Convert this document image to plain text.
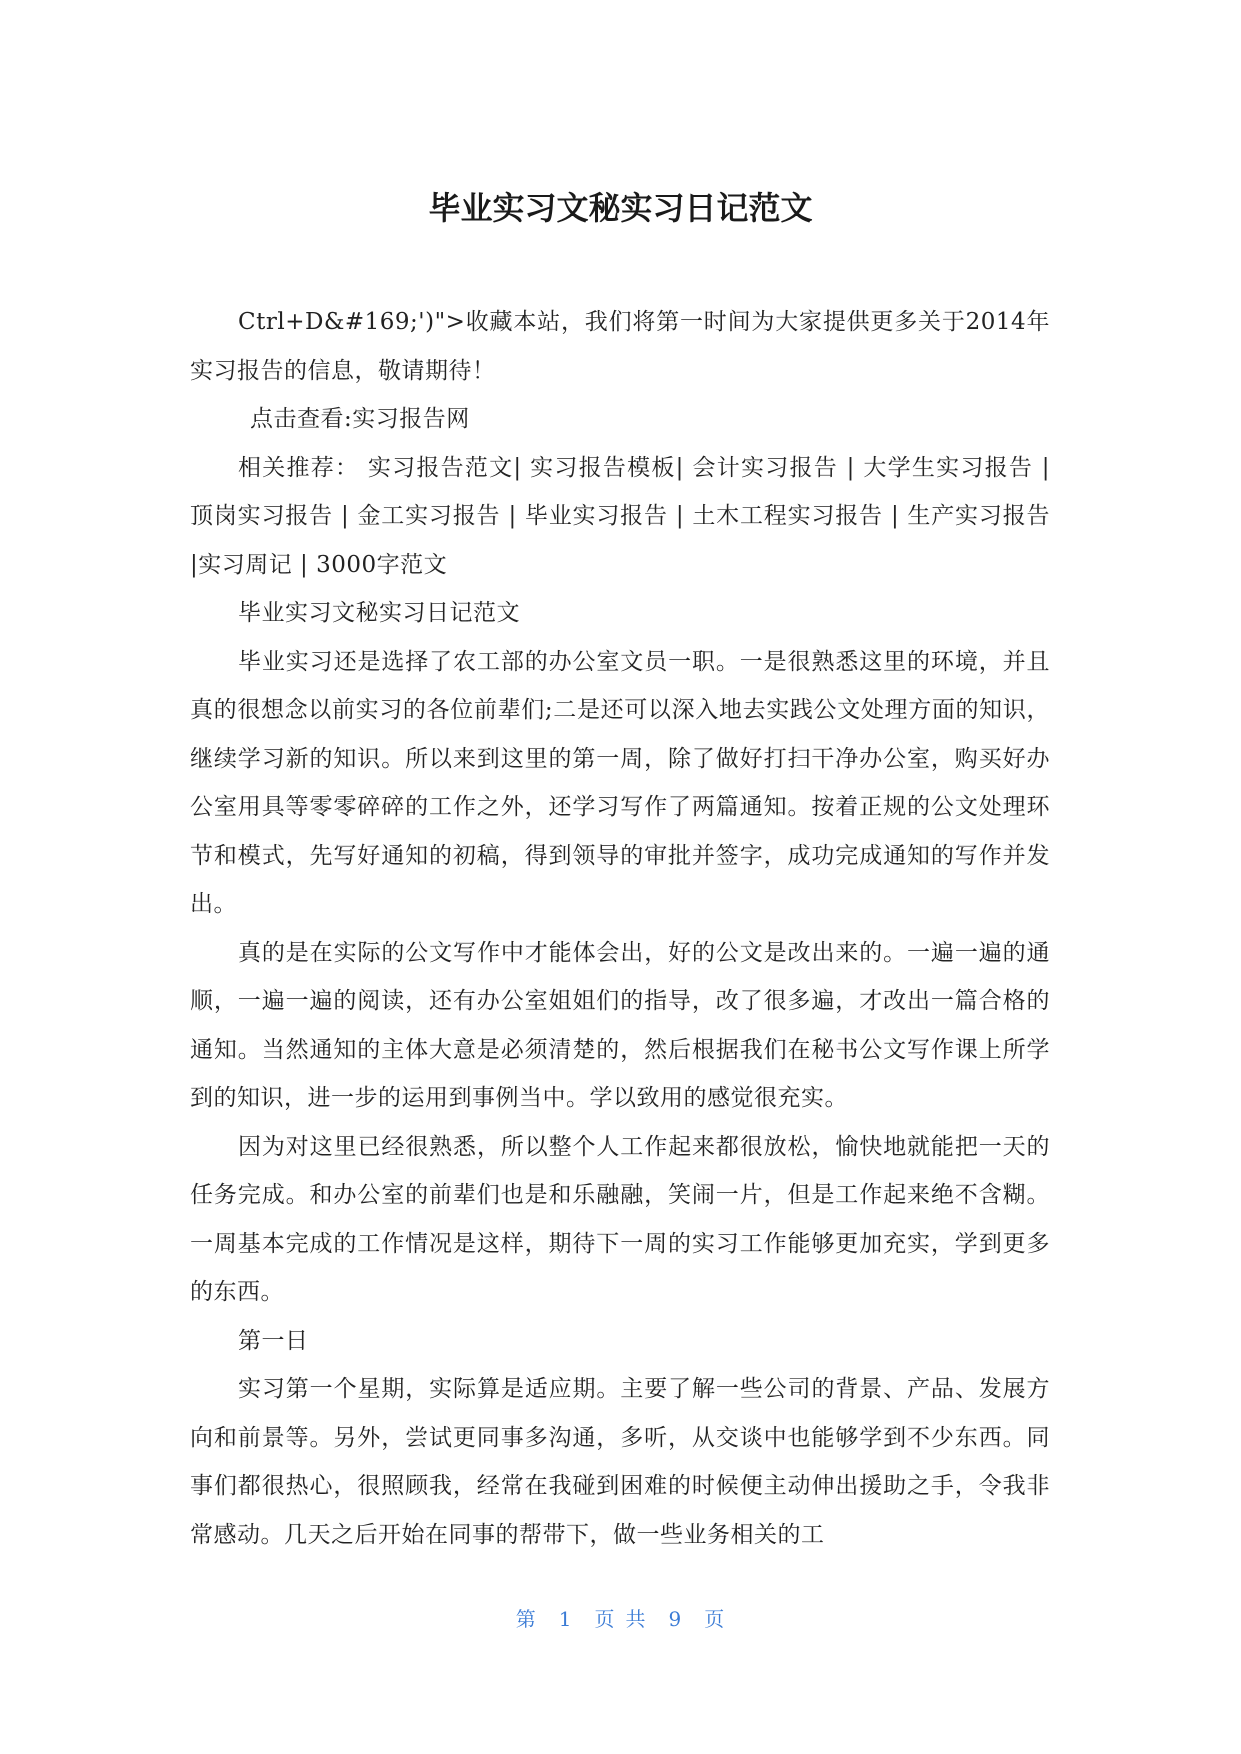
毕业实习文秘实习日记范文

Ctrl+D&#169;')">收藏本站，我们将第一时间为大家提供更多关于2014年实习报告的信息，敬请期待！

点击查看:实习报告网

相关推荐： 实习报告范文| 实习报告模板| 会计实习报告 | 大学生实习报告 | 顶岗实习报告 | 金工实习报告 | 毕业实习报告 | 土木工程实习报告 | 生产实习报告 |实习周记 | 3000字范文

毕业实习文秘实习日记范文

毕业实习还是选择了农工部的办公室文员一职。一是很熟悉这里的环境，并且真的很想念以前实习的各位前辈们;二是还可以深入地去实践公文处理方面的知识，继续学习新的知识。所以来到这里的第一周，除了做好打扫干净办公室，购买好办公室用具等零零碎碎的工作之外，还学习写作了两篇通知。按着正规的公文处理环节和模式，先写好通知的初稿，得到领导的审批并签字，成功完成通知的写作并发出。

真的是在实际的公文写作中才能体会出，好的公文是改出来的。一遍一遍的通顺，一遍一遍的阅读，还有办公室姐姐们的指导，改了很多遍，才改出一篇合格的通知。当然通知的主体大意是必须清楚的，然后根据我们在秘书公文写作课上所学到的知识，进一步的运用到事例当中。学以致用的感觉很充实。

因为对这里已经很熟悉，所以整个人工作起来都很放松，愉快地就能把一天的任务完成。和办公室的前辈们也是和乐融融，笑闹一片，但是工作起来绝不含糊。一周基本完成的工作情况是这样，期待下一周的实习工作能够更加充实，学到更多的东西。

第一日

实习第一个星期，实际算是适应期。主要了解一些公司的背景、产品、发展方向和前景等。另外，尝试更同事多沟通，多听，从交谈中也能够学到不少东西。同事们都很热心，很照顾我，经常在我碰到困难的时候便主动伸出援助之手，令我非常感动。几天之后开始在同事的帮带下，做一些业务相关的工

第 1 页 共 9 页
